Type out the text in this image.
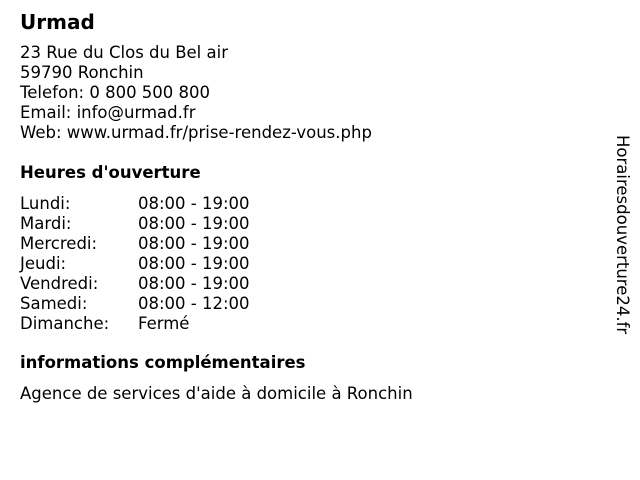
Urmad
23 Rue du Clos du Bel air
59790 Ronchin
Telefon: 0 800 500 800
Email: info@urmad.fr
Web: www.urmad.fr/prise-rendez-vous.php
Heures d'ouverture
Lundi:	08:00 - 19:00
Mardi:	08:00 - 19:00
Mercredi:	08:00 - 19:00
Jeudi:	08:00 - 19:00
Vendredi:	08:00 - 19:00
Samedi:	08:00 - 12:00
Dimanche:	Fermé
informations complémentaires
Agence de services d'aide à domicile à Ronchin
Horairesdouverture24.fr
